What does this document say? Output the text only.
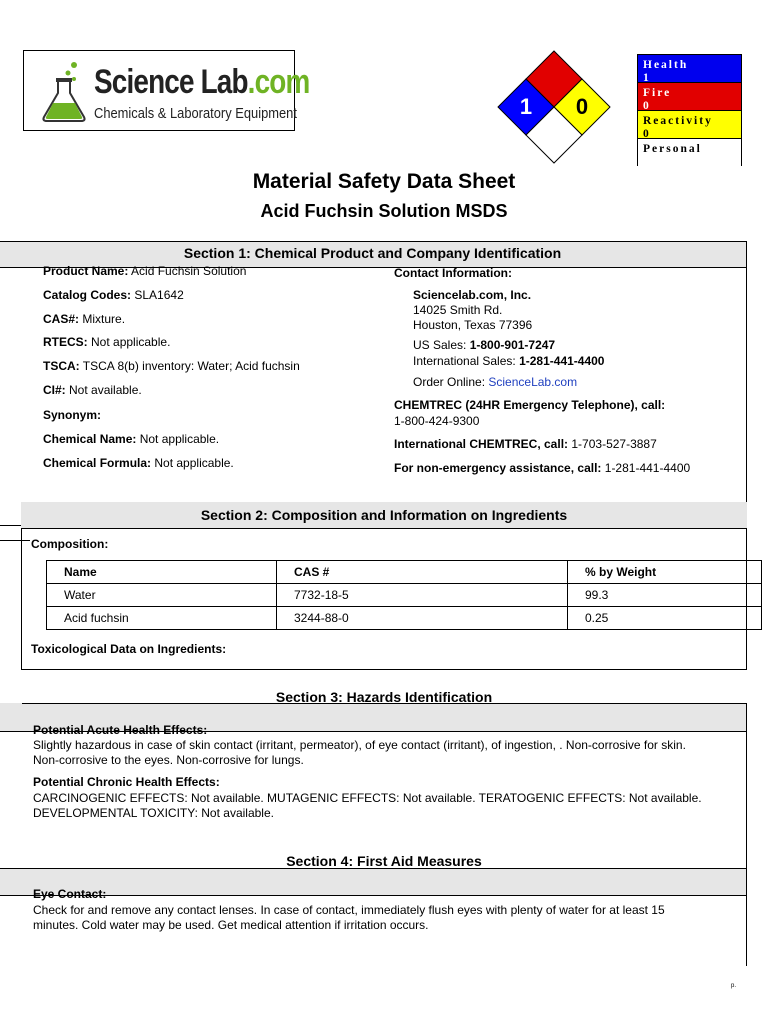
Science Lab.com
Chemicals & Laboratory Equipment	1 0
Health
1
Fire
0
Reactivity
0
Personal
Material Safety Data Sheet
Acid Fuchsin Solution MSDS
Section 1: Chemical Product and Company Identification
Product Name: Acid Fuchsin Solution
Catalog Codes: SLA1642
CAS#: Mixture.
RTECS: Not applicable.
TSCA: TSCA 8(b) inventory: Water; Acid fuchsin
CI#: Not available.
Synonym:
Chemical Name: Not applicable.
Chemical Formula: Not applicable.
Contact Information:
Sciencelab.com, Inc.
14025 Smith Rd.
Houston, Texas 77396
US Sales: 1-800-901-7247
International Sales: 1-281-441-4400
Order Online: ScienceLab.com
CHEMTREC (24HR Emergency Telephone), call:
1-800-424-9300
International CHEMTREC, call: 1-703-527-3887
For non-emergency assistance, call: 1-281-441-4400
Section 2: Composition and Information on Ingredients
Composition:
Name	CAS #	% by Weight
Water	7732-18-5	99.3
Acid fuchsin	3244-88-0	0.25
Toxicological Data on Ingredients:
Section 3: Hazards Identification
Potential Acute Health Effects:
Slightly hazardous in case of skin contact (irritant, permeator), of eye contact (irritant), of ingestion, . Non-corrosive for skin.
Non-corrosive to the eyes. Non-corrosive for lungs.
Potential Chronic Health Effects:
CARCINOGENIC EFFECTS: Not available. MUTAGENIC EFFECTS: Not available. TERATOGENIC EFFECTS: Not available.
DEVELOPMENTAL TOXICITY: Not available.
Section 4: First Aid Measures
Eye Contact:
Check for and remove any contact lenses. In case of contact, immediately flush eyes with plenty of water for at least 15
minutes. Cold water may be used. Get medical attention if irritation occurs.
p.
